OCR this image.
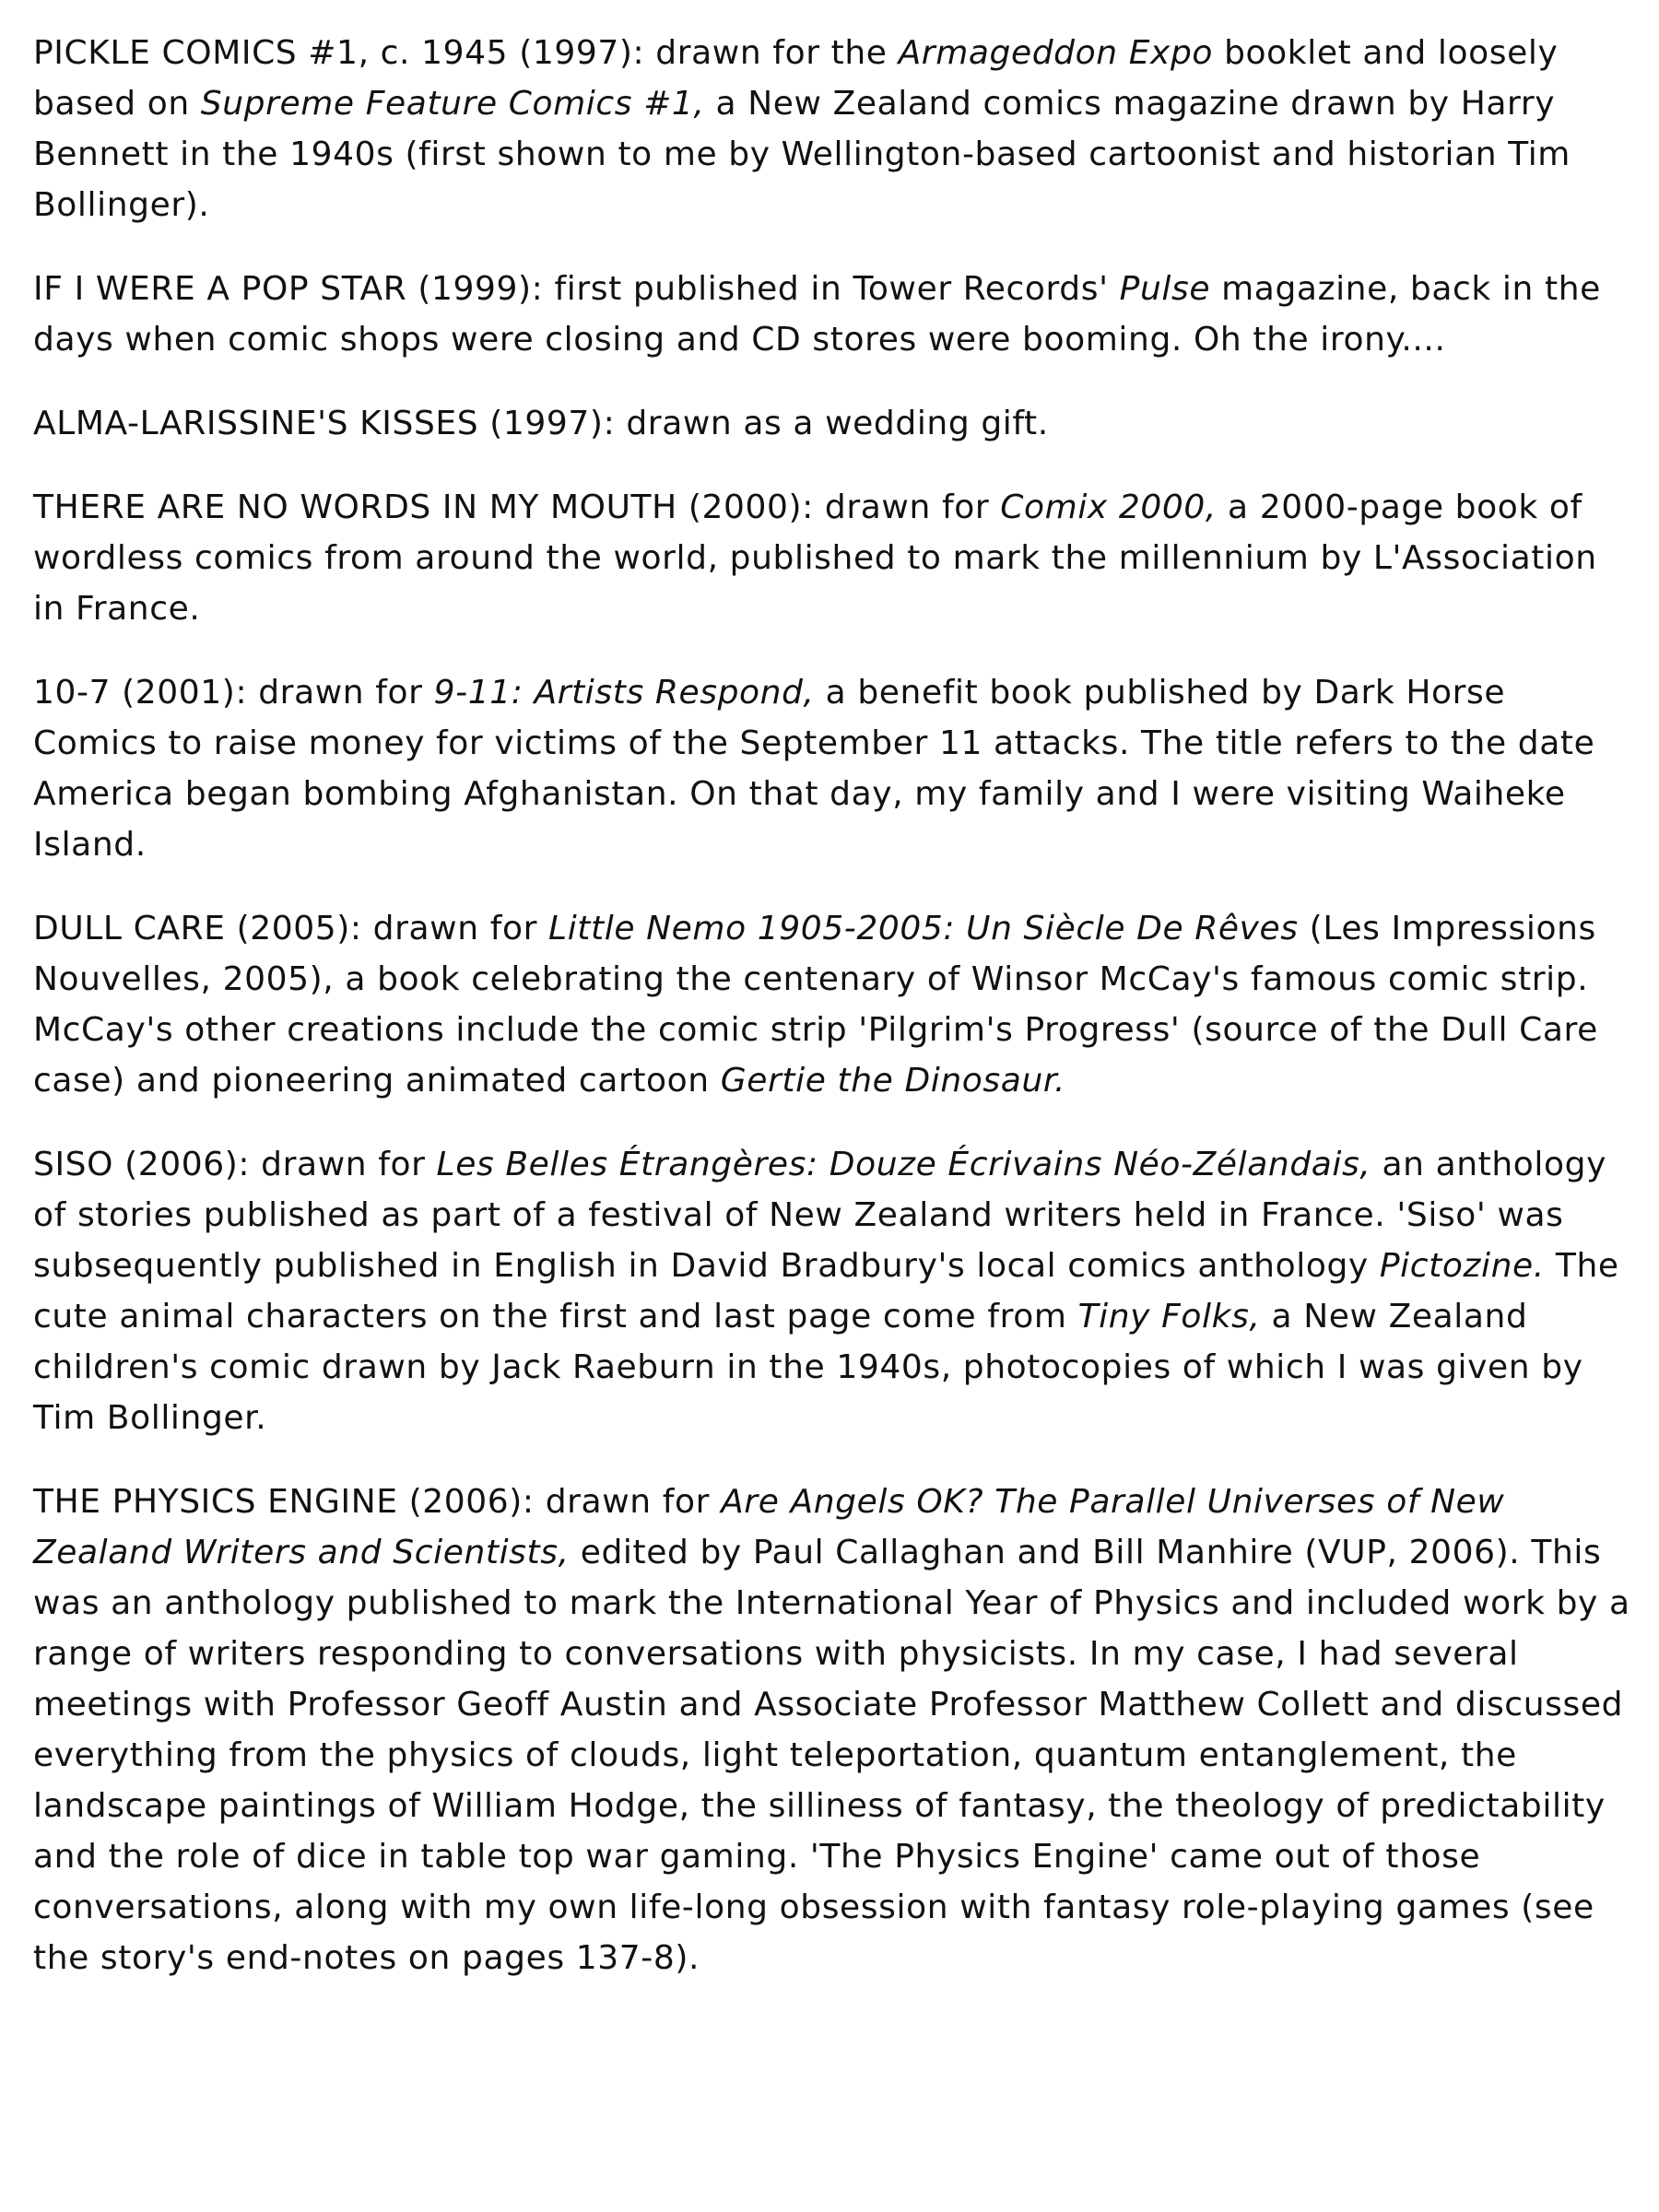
PICKLE COMICS #1, c. 1945 (1997): drawn for the Armageddon Expo booklet and loosely based on Supreme Feature Comics #1, a New Zealand comics magazine drawn by Harry Bennett in the 1940s (first shown to me by Wellington-based cartoonist and historian Tim Bollinger).

IF I WERE A POP STAR (1999): first published in Tower Records' Pulse magazine, back in the days when comic shops were closing and CD stores were booming. Oh the irony....

ALMA-LARISSINE'S KISSES (1997): drawn as a wedding gift.

THERE ARE NO WORDS IN MY MOUTH (2000): drawn for Comix 2000, a 2000-page book of wordless comics from around the world, published to mark the millennium by L'Association in France.

10-7 (2001): drawn for 9-11: Artists Respond, a benefit book published by Dark Horse Comics to raise money for victims of the September 11 attacks. The title refers to the date America began bombing Afghanistan. On that day, my family and I were visiting Waiheke Island.

DULL CARE (2005): drawn for Little Nemo 1905-2005: Un Siècle De Rêves (Les Impressions Nouvelles, 2005), a book celebrating the centenary of Winsor McCay's famous comic strip. McCay's other creations include the comic strip 'Pilgrim's Progress' (source of the Dull Care case) and pioneering animated cartoon Gertie the Dinosaur.

SISO (2006): drawn for Les Belles Étrangères: Douze Écrivains Néo-Zélandais, an anthology of stories published as part of a festival of New Zealand writers held in France. 'Siso' was subsequently published in English in David Bradbury's local comics anthology Pictozine. The cute animal characters on the first and last page come from Tiny Folks, a New Zealand children's comic drawn by Jack Raeburn in the 1940s, photocopies of which I was given by Tim Bollinger.

THE PHYSICS ENGINE (2006): drawn for Are Angels OK? The Parallel Universes of New Zealand Writers and Scientists, edited by Paul Callaghan and Bill Manhire (VUP, 2006). This was an anthology published to mark the International Year of Physics and included work by a range of writers responding to conversations with physicists. In my case, I had several meetings with Professor Geoff Austin and Associate Professor Matthew Collett and discussed everything from the physics of clouds, light teleportation, quantum entanglement, the landscape paintings of William Hodge, the silliness of fantasy, the theology of predictability and the role of dice in table top war gaming. 'The Physics Engine' came out of those conversations, along with my own life-long obsession with fantasy role-playing games (see the story's end-notes on pages 137-8).
